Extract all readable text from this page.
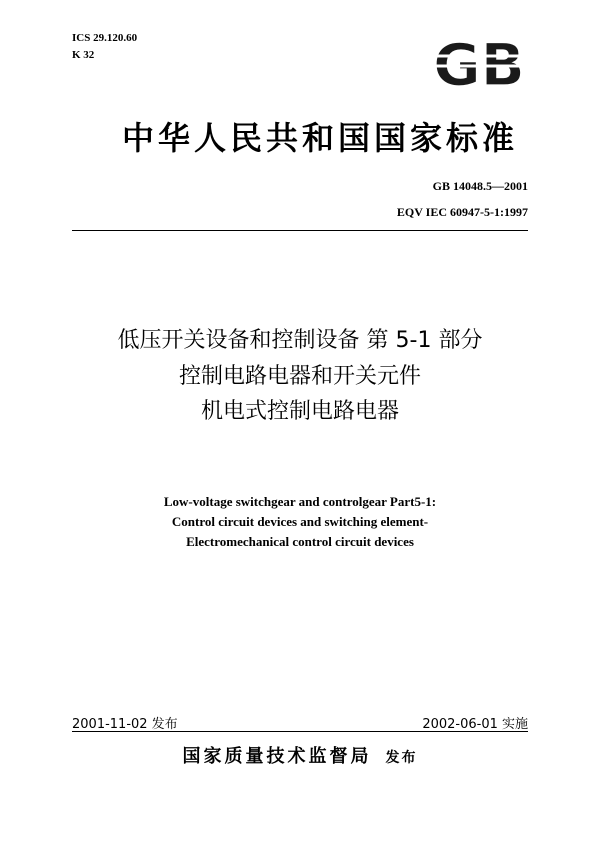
ICS 29.120.60
K 32	GB
中华人民共和国国家标准
GB 14048.5—2001
EQV IEC 60947-5-1:1997
低压开关设备和控制设备 第 5-1 部分
控制电路电器和开关元件
机电式控制电路电器
Low-voltage switchgear and controlgear Part5-1:
Control circuit devices and switching element-
Electromechanical control circuit devices
2001-11-02 发布	2002-06-01 实施
国家质量技术监督局 发布
